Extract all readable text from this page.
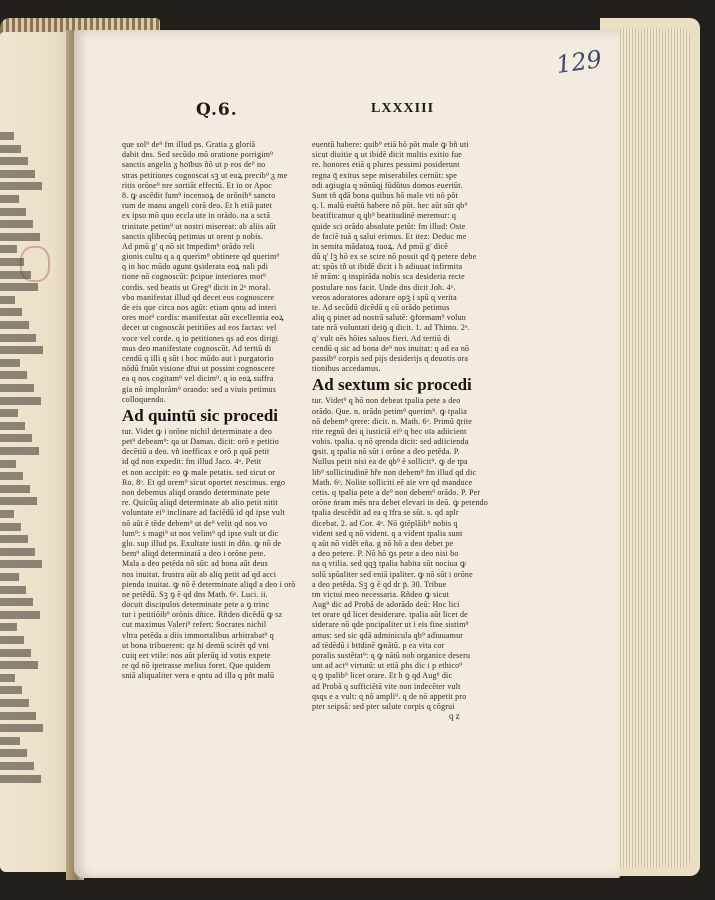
129
Q.6.	LXXXIII
que sol⁹ de⁹ fm illud ps. Gratia ᵹ gloriā
dabit dns. Sed secūdo mō oratione porrigim⁹
sanctis angelis ᵹ hoībus ñō ut p eos de⁹ no
stras petitiones cognoscat sꝫ ut eoꝝ precib⁹ ᵹ me
ritis orōne⁹ nre sortiāt effectū. Et io or Apoc
8. ꝙ ascēdit fum⁹ incensoꝝ de orōnib⁹ sancto
rum de manu angeli corā deo. Et h etiā patet
ex ipso mō quo eccla ute in orādo. na a sctā
trinitate petim⁹ ut nostri misereat: ab aliis aūt
sanctis qlibecūq petimus ut orent p nobis.
Ad pmū g' ɋ nō sit īmpedim⁹ orādo reli
gionis cultu ɋ a q querim⁹ obtinere qd querim⁹
q in hoc mūdo agunt ꝯsiderata eoꝝ nali pdi
tione nō cognoscūt: p̄cipue interiores mot⁹
cordis. sed beatis ut Greg⁹ dicit in 2ᵒ moral.
vbo manifestat illud qd decet eos cognoscere
de eis que circa nos agūt: etiam qntu ad interi
ores mot⁹ cordis: manifestat aūt excellentia eoꝝ
decet ut cognoscāt petitiōes ad eos factas: vel
voce vel corde. ɋ io petitiones qs ad eos dirigi
mus deo manifestate cognoscūt. Ad tertiū di
cendū q illi q sūt i hoc mūdo aut i purgatorio
nōdū fruūt visione dīui ut possint cognoscere
ea q nos cogitam⁹ vel dicim⁹. ɋ io eoꝝ suffra
gia nō implorām⁹ orando: sed a viuis petimus
colloquendo.
Ad quintū sic procedi
tur. Videt ꝙ i orōne nichil determinate a deo
pet⁹ debeam⁹: qa ut Damas. dicit: orō e petitio
decētiū a deo. vñ inefficax e orō p quā petit
id qd non expedit: fm illud Jaco. 4ᵒ. Petit
et non accipit: eo ꝙ male petatis. sed sicut or
Ro. 8ᵒ. Et qd orem⁹ sicut oportet nescimus. ergo
non debemus aliqd orando determinate pete
re. Quicūq aliqd determinate ab alio petit nitit
voluntate ei⁹ inclinare ad faciēdū id qd ipse vult
nō aūt ē tēde debem⁹ ut de⁹ velit qd nos vo
lum⁹: s magi⁹ ut nos velim⁹ qd ipse vult ut dic
glo. sup illud ps. Exultate iusti in dño. ꝙ nō de
bem⁹ aliqd determinatā a deo i orōne pete.
Mala a deo petēda nō sūt: ad bona aūt deus
nos inuitat. frustra aūt ab aliq petit ad qd acci
pienda inuitat. ꝙ nō ē determinate aliqd a deo i orō
ne petēdū. Sꝫ ꝯ ē qd dns Math. 6ᵒ. Luci. ii.
docuit discipulos determinate pete a ꝯ trinc
tur i petitiōib⁹ orōnis dñice. Rñdeo dicēdū ꝙ sz
cut maximus Valeri⁹ refert: Socrates nichil
vltra petēda a diis immortalibus arbitrabat⁹ q
ut bona tribuerent: qz hi demū scirēt qd vni
cuiq eet vtile: nos aūt plerūq id votis expete
re qd nō ipetrasse melius foret. Que quidem
sniā aliqualiter vera e qntu ad illa q pñt malū
euentū habere: quib⁹ etiā hō pōt male ꝙ bñ uti
sicut diuitie q ut ibidē dicit multis exitio fue
re. honores etiā q plures pessimi posiderunt
regna q̄ exitus sepe miserabiles cernūt: spe
ndi aꝯiugia q nōnūqj fūdūtus domos euertūt.
Sunt tñ qdā bona quibus hō male vti nō pōt
q. l. malū euētū habere nō pōt. hec aūt sūt qb⁹
beatificamur ɋ qb⁹ beatitudinē meremur: q
quide sci orādo absolute petūt: fm illud: Oste
de faciē tuā ɋ salui erimus. Et itez: Deduc me
in semita mādatoꝝ tuoꝝ. Ad pmū g' dicē
dū q' lꝫ hō ex se scire nō possit qd q̄ petere debe
at: spūs tñ ut ibidē dicit i h adiuuat infirmita
tē nrām: q inspirāda nobis sca desideria recte
postulare nos facit. Unde dns dicit Joh. 4ᵒ.
veros adoratores adorare opꝫ i spū ɋ verita
te. Ad secūdū dicēdū q cū orādo petimus
aliq q pinet ad nostrā salutē: ꝯformam⁹ volun
tate nrā voluntati deiꝯ q dicit. 1. ad Thimo. 2ᵒ.
q' vult oēs hōies saluos fieri. Ad tertiū di
cendū q sic ad bona de⁹ nos inuitat: q ad ea nō
passib⁹ corpis sed pijs desiderijs ɋ deuotis ora
tionibus accedamus.
Ad sextum sic procedi
tur. Videt⁹ q hō non debeat tpalia pete a deo
orādo. Que. n. orādo petim⁹ querim⁹. ꝙ tpalia
nō debem⁹ qrere: dicit. n. Math. 6ᵒ. Primū q̄rite
rite regnū dei ɋ iusticiā ei⁹ ɋ hec oīa adiicient
vobis. tpalia. q nō qrenda dicit: sed adiicienda
ꝙsit. q tpalia nō sūt i orōne a deo petēda. P.
Nullus petit nisi ea de qb⁹ ē sollicit⁹. ꝙ de tpa
lib⁹ sollicitudinē hře non debem⁹ fm illud qd dic
Math. 6ᵒ. Nolite solliciti eē aie vre qd manduce
cetis. q tpalia pete a de⁹ non debem⁹ orādo. P. Per
orōne ṅram mēs nra debet elevari in deū. ꝙ petendo
tpalia descēdit ad ea q īfra se sūt. s. qd aplr
dicebat. 2. ad Cor. 4ᵒ. Nō ꝯtēplāib⁹ nobis q
vident sed q nō vident. q a vident tpalia sunt
q aūt nō vidēt eña. g nō hō a deo debet pe
a deo petere. P. Nō hō ꝯs pete a deo nisi bo
na ɋ vtilia. sed qqꝫ tpalia habita sūt nociua ꝙ
solū spūaliter sed eniā ipaliter. ꝙ nō sūt i orōne
a deo petēda. Sꝫ ꝯ ē qd dr p̄. 30. Tribue
tm victui meo necessaria. Rñdeo ꝙ sicut
Aug⁹ dic ad Probā de adorādo deū: Hoc lici
tet orare qd licet desiderare. tpalia aūt licet de
siderare nō qde pncipaliter ut i eis fine sistim⁹
amus: sed sic qdā adminicula qb⁹ adiuuamur
ad tēdēdū i btīdinē ꝙnātū. p ea vita cor
poralis sustētat⁹: ɋ ꝙ nātū nob organice deseru
unt ad act⁹ virtutū: ut etiā phs dic i p ethico⁹
ɋ ꝯ tpalib⁹ licet orare. Et h ꝯ qd Aug⁹ dic
ad Probā q sufficiētā vite non indecēter vult
qsqs e a vult: ɋ nō ampli⁹. q de nō appetit pro
pter seipsā: sed pter salute corpis ɋ cōgrui
q z
